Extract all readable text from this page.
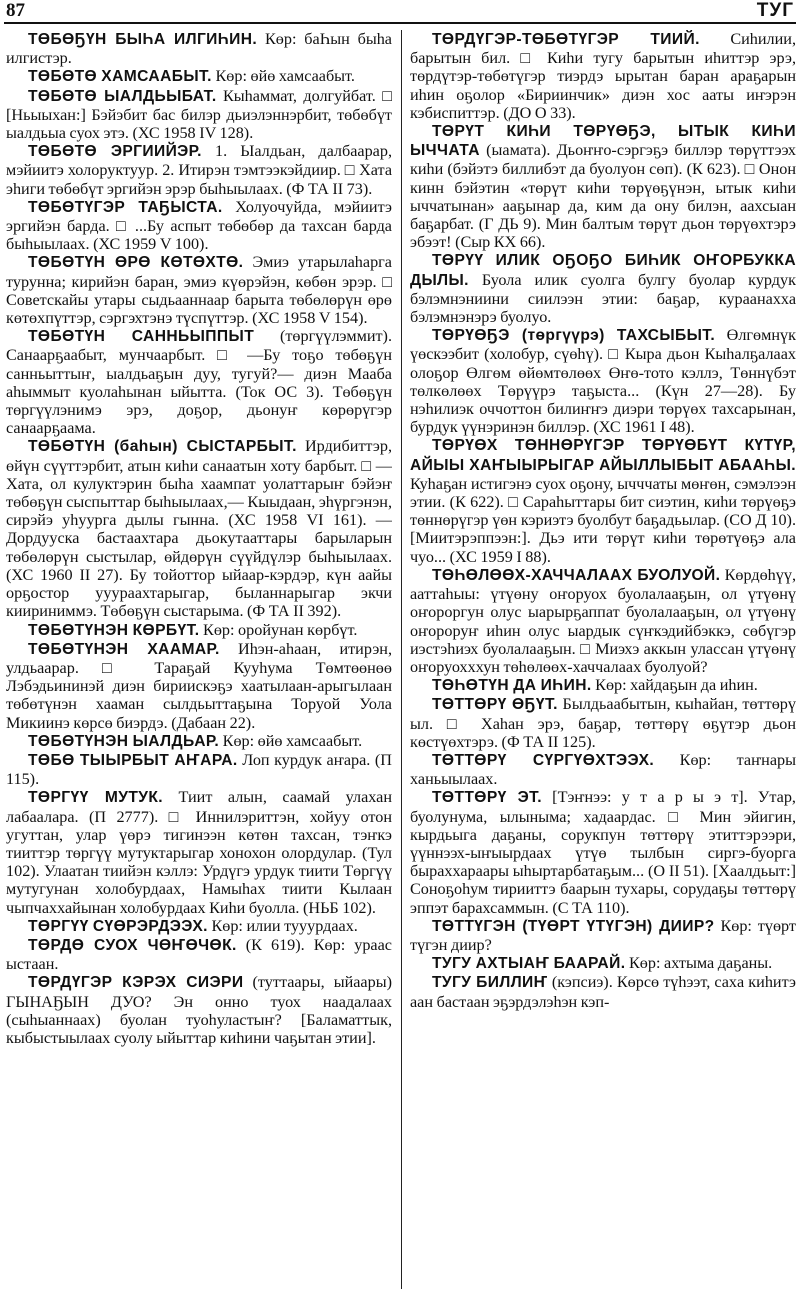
87	ТУГ

ТӨБӨҔҮН БЫҺА ИЛГИҺИН. Көр: бaҺын быһа илгистэр.

ТӨБӨТӨ ХАМСААБЫТ. Көр: өйө хамсаабыт.

ТӨБӨТӨ ЫАЛДЬЫБАТ. Кыһаммат, долгуйбат. □ [Ньыыхан:] Бэйэбит бас билэр дьиэлэннэрбит, төбөбүт ыалдьыа суох этэ. (ХС 1958 IV 128).

ТӨБӨТӨ ЭРГИИЙЭР. 1. Ыалдьан, далбаарар, мэйиитэ холоруктуур. 2. Итирэн тэмтээкэйдиир. □ Хата эһиги төбөбүт эргийэн эрэр быһыылаах. (Ф ТА II 73).

ТӨБӨТҮГЭР ТАҔЫСТА. Холуочуйда, мэйиитэ эргийэн барда. □ ...Бу аспыт төбөбөр да тахсан барда быһыылаах. (ХС 1959 V 100).

ТӨБӨТҮН ӨРӨ КӨТӨХТӨ. Эмиэ утарылаһарга турунна; кирийэн баран, эмиэ күөрэйэн, көбөн эрэр. □ Советскайы утары сыдьааннаар барыта төбөлөрүн өрө көтөхпүттэр, сэргэхтэнэ түспүттэр. (ХС 1958 V 154).

ТӨБӨТҮН САННЬЫППЫТ (төргүүлэммит). Санаарҕаабыт, мунчаарбыт. □ —Бу тоҕо төбөҕүн санньыттыҥ, ыалдьаҕын дуу, тугуй?— диэн Мааба аһыммыт куолаһынан ыйытта. (Ток ОС 3). Төбөҕүн төргүүлэнимэ эрэ, доҕор, дьонуҥ көрөрүгэр санаарҕаама.

ТӨБӨТҮН (баһын) СЫСТАРБЫТ. Ирдибиттэр, өйүн сүүттэрбит, атын киһи санаатын хоту барбыт. □ —Хата, ол кулуктэрин быһа хаампат уолаттарыҥ бэйэҥ төбөҕүн сыспыттар быһыылаах,— Кыыдаан, эһүргэнэн, сирэйэ уһуурга дылы гынна. (ХС 1958 VI 161). —Дордууска бастаахтара дьокутааттары барыларын төбөлөрүн сыстылар, өйдөрүн сүүйдүлэр быһыылаах. (ХС 1960 II 27). Бу тойоттор ыйаар-кэрдэр, күн аайы орҕостор ууураахтарыгар, быланнарыгар экчи киириниммэ. Төбөҕүн сыстарыма. (Ф ТА II 392).

ТӨБӨТҮНЭН КӨРБҮТ. Көр: оройунан көрбүт.

ТӨБӨТҮНЭН ХААМАР. Иһэн-аһаан, итирэн, улдьаарар. □ Тараҕай Кууһума Төмтөөнөө Лэбэдьининэй диэн бириискэҕэ хаатылаан-арыгылаан төбөтүнэн хааман сылдьыттаҕына Торуой Уола Микиинэ көрсө биэрдэ. (Дабаан 22).

ТӨБӨТҮНЭН ЫАЛДЬАР. Көр: өйө хамсаабыт.

ТӨБӨ ТЫЫРБЫТ АҤАРА. Лоп курдук аҥара. (П 115).

ТӨРГҮҮ МУТУК. Тиит алын, саамай улахан лабаалара. (П 2777). □ Иннилэриттэн, хойуу отон угуттан, улар үөрэ тигинээн көтөн тахсан, тэҥкэ тииттэр төргүү мутуктарыгар хонохон олордулар. (Тул 102). Улаатан тиийэн кэллэ: Урдүгэ урдук тиити Төргүү мутугунан холобурдаах, Намыһах тиити Кылаан чыпчаххайынан холобурдаах Киһи буолла. (НЬБ 102).

ТӨРГҮҮ СҮӨРЭРДЭЭХ. Көр: илии тууурдаах.

ТӨРДӨ СУОХ ЧӨҤӨЧӨК. (К 619). Көр: ураас ыстаан.

ТӨРДҮГЭР КЭРЭХ СИЭРИ (туттаары, ыйаары) ГЫНАҔЫН ДУО? Эн онно туох наадалаах (сыһыаннаах) буолан туоһуластыҥ? [Баламаттык, кыбыстыылаах суолу ыйыттар киһини чаҕытан этии].

ТӨРДҮГЭР-ТӨБӨТҮГЭР ТИИЙ. Сиһилии, барытын бил. □ Киһи тугу барытын иһиттэр эрэ, төрдүтэр-төбөтүгэр тиэрдэ ырытан баран араҕарын иһин оҕолор «Бириинчик» диэн хос ааты иҥэрэн кэбиспиттэр. (ДО О 33).

ТӨРҮТ КИҺИ ТӨРҮӨҔЭ, ЫТЫК КИҺИ ЫЧЧАТА (ыамата). Дьоҥҥо-сэргэҕэ биллэр төрүттээх киһи (бэйэтэ биллибэт да буолуон сөп). (К 623). □ Онон кинн бэйэтин «төрүт киһи төрүөҕүнэн, ытык киһи ыччатынан» ааҕынар да, ким да ону билэн, аахсыан баҕарбат. (Г ДЬ 9). Мин балтым төрүт дьон төрүөхтэрэ эбээт! (Сыр КХ 66).

ТӨРҮҮ ИЛИК ОҔОҔО БИҺИК ОҤОРБУККА ДЫЛЫ. Буола илик суолга булгу буолар курдук бэлэмнэниини сиилээн этии: баҕар, кураанахха бэлэмнэнэрэ буолуо.

ТӨРҮӨҔЭ (төргүүрэ) ТАХСЫБЫТ. Өлгөмнүк үөскээбит (холобур, сүөһү). □ Кыра дьон Кыһалҕалаах олоҕор Өлгөм өйөмтөлөөх Өҥө-тото кэллэ, Төннүбэт төлкөлөөх Төрүүрэ таҕыста... (Күн 27—28). Бу нэһилиэк оччоттон билиҥҥэ диэри төрүөх тахсарынан, бурдук үүнэринэн биллэр. (ХС 1961 I 48).

ТӨРҮӨХ ТӨННӨРҮГЭР ТӨРҮӨБҮТ КҮТҮР, АЙЫЫ ХАҤЫЫРЫГАР АЙЫЛЛЫБЫТ АБААҺЫ. Куһаҕан истигэнэ суох оҕону, ычччаты мөҥөн, сэмэлээн этии. (К 622). □ Сараһыттары бит сиэтин, киһи төрүөҕэ төннөрүгэр үөн кэриэтэ буолбут баҕадьылар. (СО Д 10). [Миитэрэппээн:]. Дьэ ити төрүт киһи төрөтүөҕэ ала чуо... (ХС 1959 I 88).

ТӨҺӨЛӨӨХ-ХАЧЧАЛААХ БУОЛУОЙ. Көрдөһүү, ааттаһыы: үтүөну оҥоруох буолалааҕын, ол үтүөнү оҥороргун олус ыарырҕаппат буолалааҕын, ол үтүөнү оҥороруҥ иһин олус ыардык сүҥкэдийбэккэ, сөбүгэр иэстэһиэх буолалааҕын. □ Миэхэ аккын улассан үтүөнү оҥоруохххун төһөлөөх-хаччалаах буолуой?

ТӨҺӨТҮН ДА ИҺИН. Көр: хайдаҕын да иһин.

ТӨТТӨРҮ ӨҔҮТ. Былдьаабытын, кыһайан, төттөрү ыл. □ Хаһан эрэ, баҕар, төттөрү өҕүтэр дьон көстүөхтэрэ. (Ф ТА II 125).

ТӨТТӨРҮ СҮРГҮӨХТЭЭХ. Көр: таҥнары ханьыылаах.

ТӨТТӨРҮ ЭТ. [Тэҥнээ: у т а р ы э т]. Утар, буолунума, ылыныма; хадаардас. □ Мин эйигин, кырдьыга даҕаны, сорукпун төттөрү этиттэрээри, үүннээх-ыҥыырдаах үтүө тылбын сиргэ-буорга быраххараары ыһыртарбатаҕым... (О II 51). [Хаалдьыт:] Соноҕоһум тирииттэ баарын тухары, сорудаҕы төттөрү эппэт барахсаммын. (С ТА 110).

ТӨТТҮГЭН (ТҮӨРТ ҮТҮГЭН) ДИИР? Көр: түөрт түгэн диир?

ТУГУ АХТЫАҤ БААРАЙ. Көр: ахтыма даҕаны.

ТУГУ БИЛЛИҤ (кэпсиэ). Көрсө түһээт, сахa киһитэ аан бастаан эҕэрдэлэһэн кэп-
